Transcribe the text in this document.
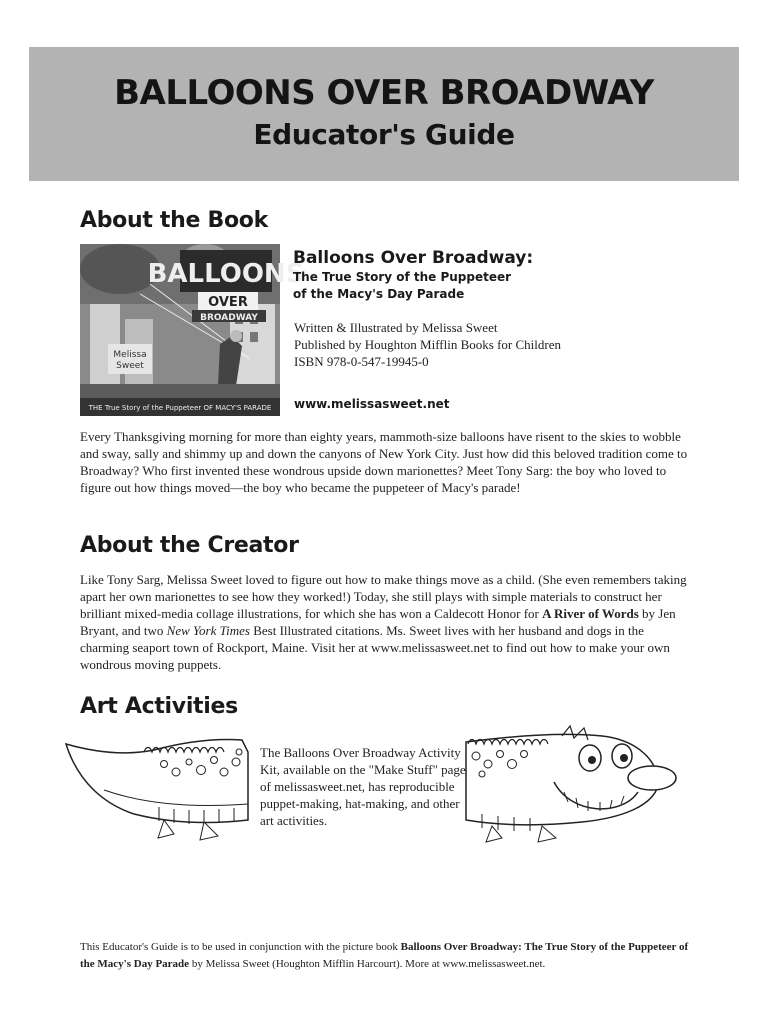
BALLOONS OVER BROADWAY
Educator's Guide
About the Book
BALLOONS
OVER
BROADWAY
Melissa
Sweet
THE True Story of the Puppeteer OF MACY'S PARADE
Balloons Over Broadway:
The True Story of the Puppeteer
of the Macy's Day Parade
Written & Illustrated by Melissa Sweet
Published by Houghton Mifflin Books for Children
ISBN 978-0-547-19945-0
www.melissasweet.net

Every Thanksgiving morning for more than eighty years, mammoth-size balloons have risent to the skies to wobble and sway, sally and shimmy up and down the canyons of New York City. Just how did this beloved tradition come to Broadway? Who first invented these wondrous upside down marionettes? Meet Tony Sarg: the boy who loved to figure out how things moved—the boy who became the puppeteer of Macy's parade!

About the Creator

Like Tony Sarg, Melissa Sweet loved to figure out how to make things move as a child. (She even remembers taking apart her own marionettes to see how they worked!) Today, she still plays with simple materials to construct her brilliant mixed-media collage illustrations, for which she has won a Caldecott Honor for A River of Words by Jen Bryant, and two New York Times Best Illustrated citations. Ms. Sweet lives with her husband and dogs in the charming seaport town of Rockport, Maine. Visit her at www.melissasweet.net to find out how to make your own wondrous moving puppets.

Art Activities

The Balloons Over Broadway Activity Kit, available on the "Make Stuff" page of melissasweet.net, has reproducible puppet-making, hat-making, and other art activities.

This Educator's Guide is to be used in conjunction with the picture book Balloons Over Broadway: The True Story of the Puppeteer of the Macy's Day Parade by Melissa Sweet (Houghton Mifflin Harcourt). More at www.melissasweet.net.
